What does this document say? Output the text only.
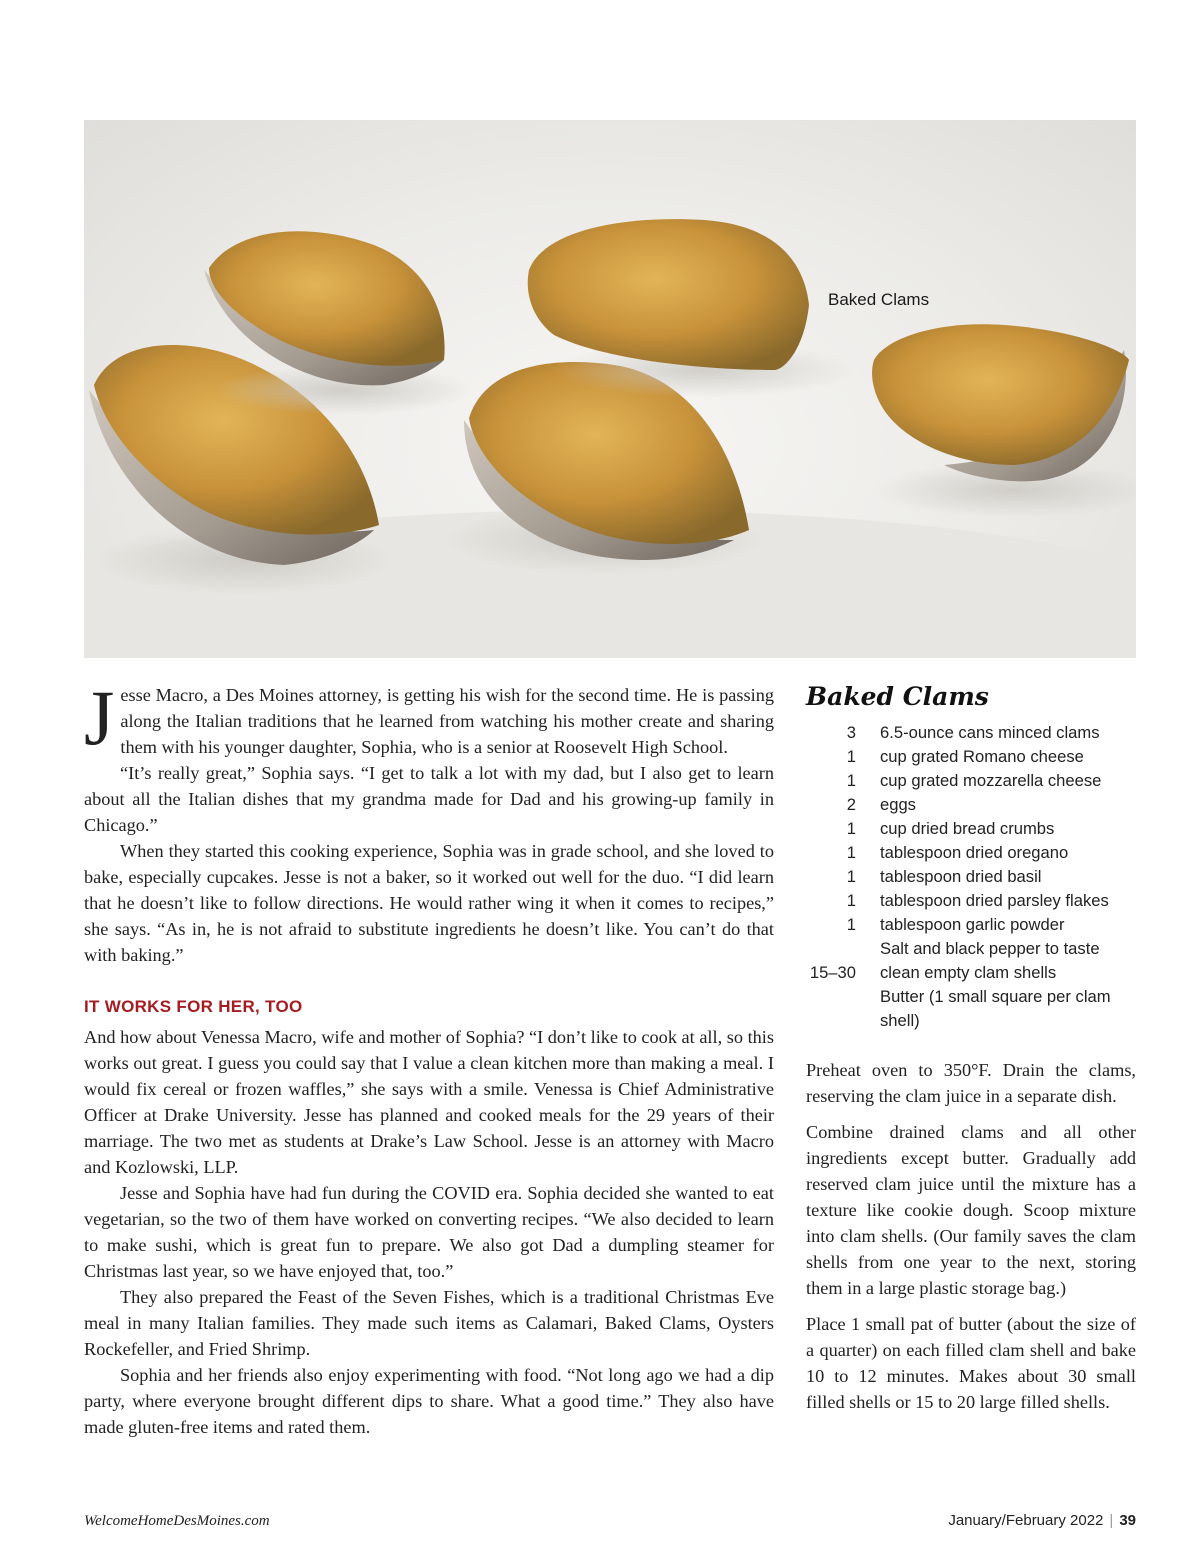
Baked Clams

Jesse Macro, a Des Moines attorney, is getting his wish for the second time. He is passing along the Italian traditions that he learned from watching his mother create and sharing them with his younger daughter, Sophia, who is a senior at Roosevelt High School.

“It’s really great,” Sophia says. “I get to talk a lot with my dad, but I also get to learn about all the Italian dishes that my grandma made for Dad and his growing-up family in Chicago.”

When they started this cooking experience, Sophia was in grade school, and she loved to bake, especially cupcakes. Jesse is not a baker, so it worked out well for the duo. “I did learn that he doesn’t like to follow directions. He would rather wing it when it comes to recipes,” she says. “As in, he is not afraid to substitute ingredients he doesn’t like. You can’t do that with baking.”

IT WORKS FOR HER, TOO

And how about Venessa Macro, wife and mother of Sophia? “I don’t like to cook at all, so this works out great. I guess you could say that I value a clean kitchen more than making a meal. I would fix cereal or frozen waffles,” she says with a smile. Venessa is Chief Administrative Officer at Drake University. Jesse has planned and cooked meals for the 29 years of their marriage. The two met as students at Drake’s Law School. Jesse is an attorney with Macro and Kozlowski, LLP.

Jesse and Sophia have had fun during the COVID era. Sophia decided she wanted to eat vegetarian, so the two of them have worked on converting recipes. “We also decided to learn to make sushi, which is great fun to prepare. We also got Dad a dumpling steamer for Christmas last year, so we have enjoyed that, too.”

They also prepared the Feast of the Seven Fishes, which is a traditional Christmas Eve meal in many Italian families. They made such items as Calamari, Baked Clams, Oysters Rockefeller, and Fried Shrimp.

Sophia and her friends also enjoy experimenting with food. “Not long ago we had a dip party, where everyone brought different dips to share. What a good time.” They also have made gluten-free items and rated them.

Baked Clams
3	6.5-ounce cans minced clams
1	cup grated Romano cheese
1	cup grated mozzarella cheese
2	eggs
1	cup dried bread crumbs
1	tablespoon dried oregano
1	tablespoon dried basil
1	tablespoon dried parsley flakes
1	tablespoon garlic powder
Salt and black pepper to taste
15–30	clean empty clam shells
Butter (1 small square per clam shell)

Preheat oven to 350°F. Drain the clams, reserving the clam juice in a separate dish.

Combine drained clams and all other ingredients except butter. Gradually add reserved clam juice until the mixture has a texture like cookie dough. Scoop mixture into clam shells. (Our family saves the clam shells from one year to the next, storing them in a large plastic storage bag.)

Place 1 small pat of butter (about the size of a quarter) on each filled clam shell and bake 10 to 12 minutes. Makes about 30 small filled shells or 15 to 20 large filled shells.

WelcomeHomeDesMoines.com	January/February 2022 | 39
